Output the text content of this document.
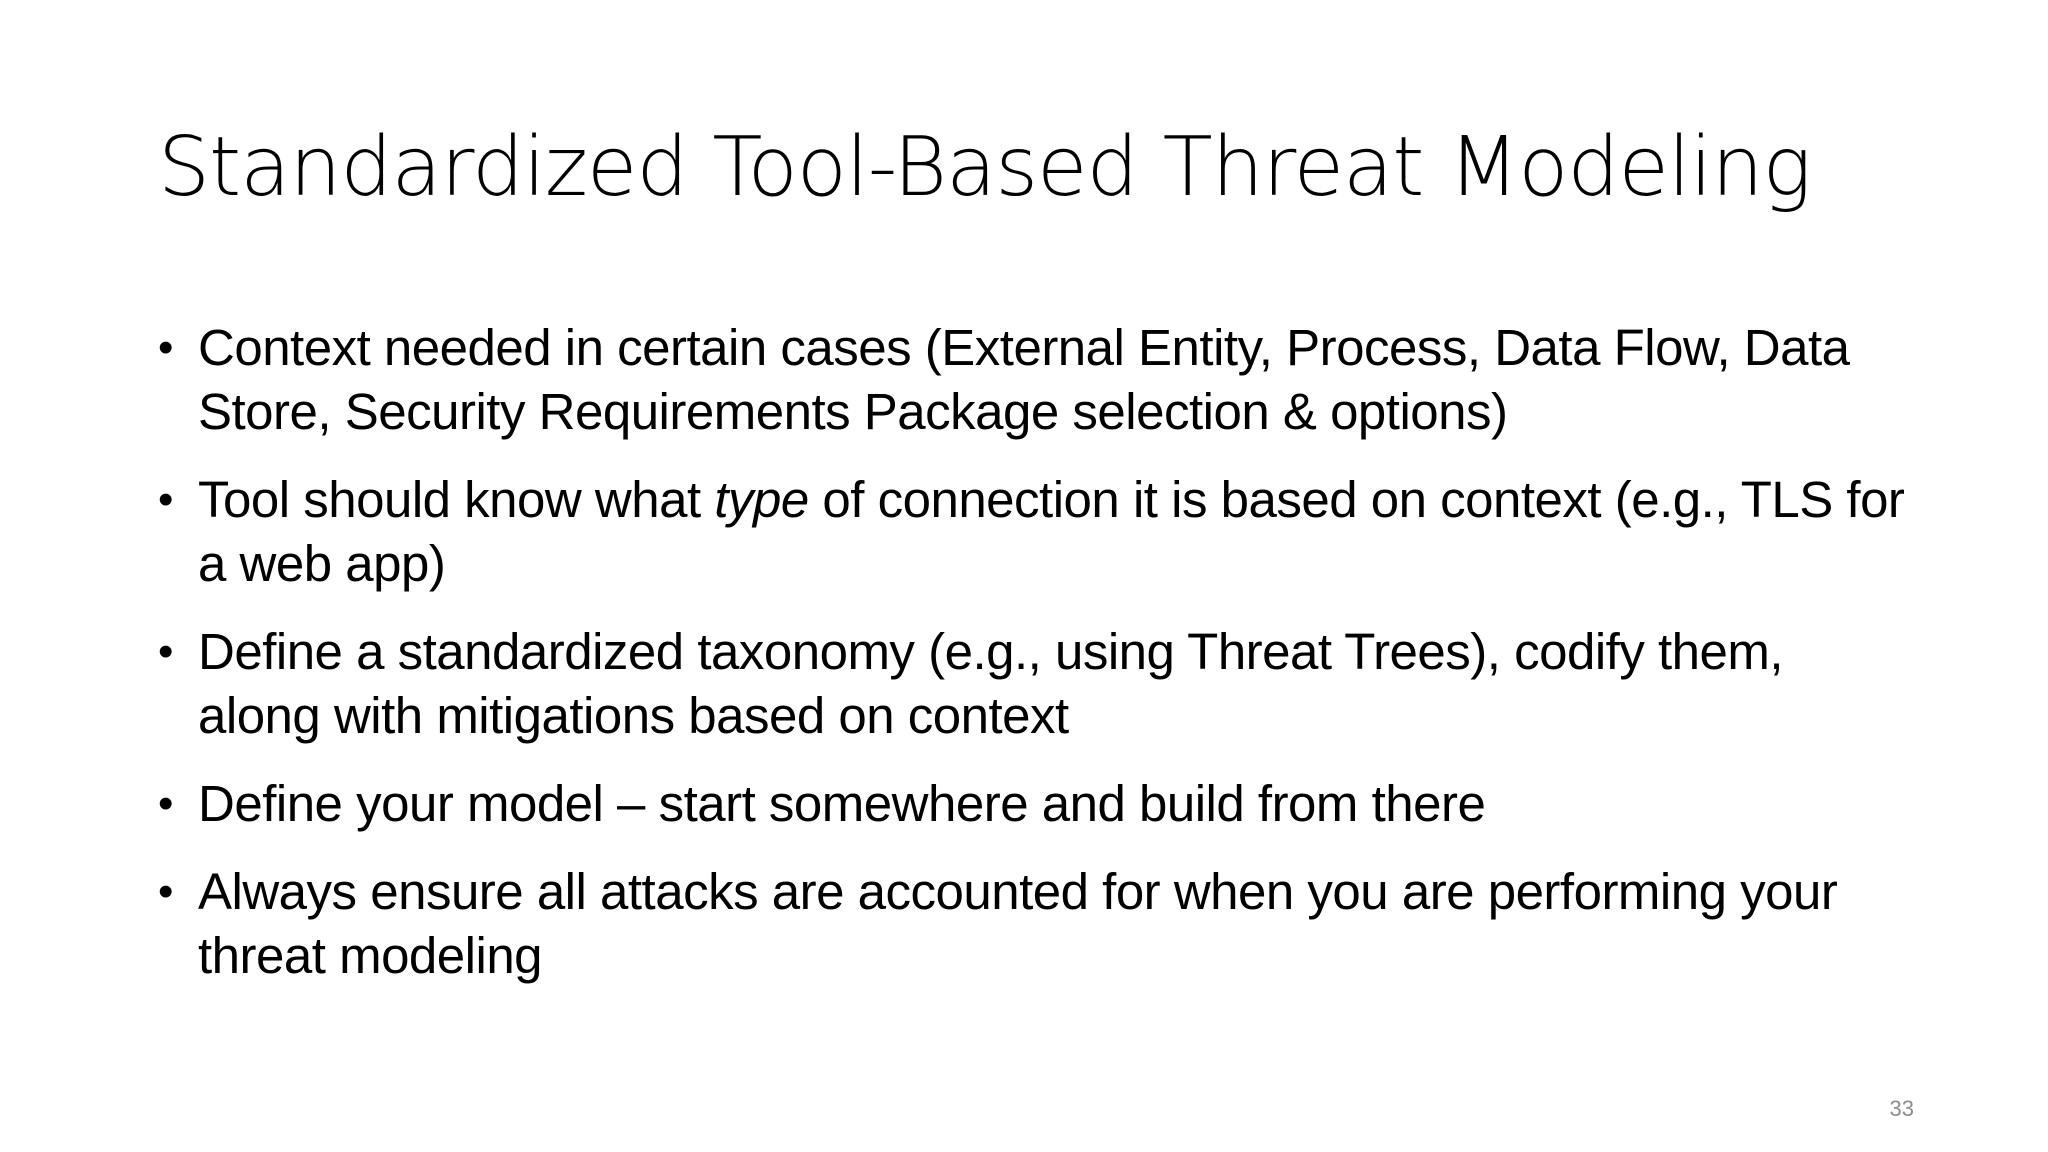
Standardized Tool-Based Threat Modeling
• Context needed in certain cases (External Entity, Process, Data Flow, Data Store, Security Requirements Package selection & options)
• Tool should know what type of connection it is based on context (e.g., TLS for a web app)
• Define a standardized taxonomy (e.g., using Threat Trees), codify them, along with mitigations based on context
• Define your model – start somewhere and build from there
• Always ensure all attacks are accounted for when you are performing your threat modeling
33
